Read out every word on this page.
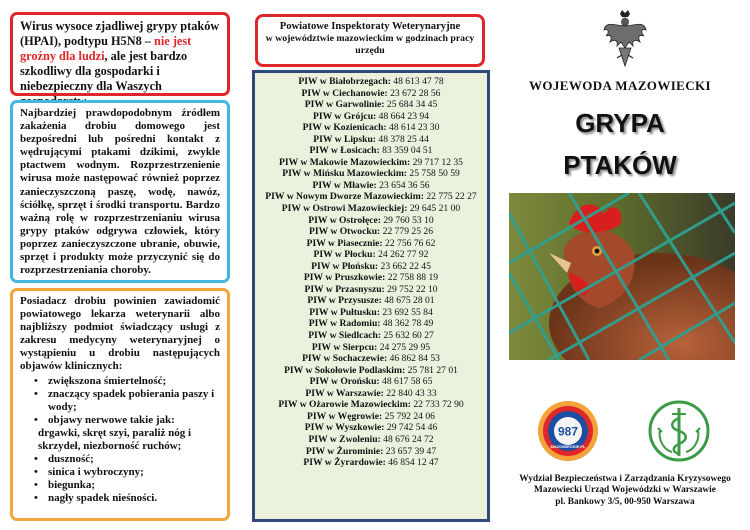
Wirus wysoce zjadliwej grypy ptaków (HPAI), podtypu H5N8 – nie jest groźny dla ludzi, ale jest bardzo szkodliwy dla gospodarki i niebezpieczny dla Waszych

Najbardziej prawdopodobnym źródłem zakażenia drobiu domowego jest bezpośredni lub pośredni kontakt z wędrującymi ptakami dzikimi, zwykle ptactwem wodnym. Rozprzestrzenienie wirusa może następować również poprzez zanieczyszczoną paszę, wodę, nawóz, ściółkę, sprzęt i środki transportu. Bardzo ważną rolę w rozprzestrzenianiu wirusa grypy ptaków odgrywa człowiek, który poprzez zanieczyszczone ubranie, obuwie, sprzęt i produkty może przyczynić się do rozprzestrzeniania choroby.

Posiadacz drobiu powinien zawiadomić powiatowego lekarza weterynarii albo najbliższy podmiot świadczący usługi z zakresu medycyny weterynaryjnej o wystąpieniu u drobiu następujących objawów klinicznych:

• zwiększona śmiertelność;
• znaczący spadek pobierania paszy i wody;
• objawy nerwowe takie jak:
drgawki, skręt szyi, paraliż nóg i skrzydeł, niezborność ruchów;
• duszność;
• sinica i wybroczyny;
• biegunka;
• nagły spadek nieśności.
Powiatowe Inspektoraty Weterynaryjne
w województwie mazowieckim w godzinach pracy urzędu
PIW w Białobrzegach: 48 613 47 78
PIW w Ciechanowie: 23 672 28 56
PIW w Garwolinie: 25 684 34 45
PIW w Grójcu: 48 664 23 94
PIW w Kozienicach: 48 614 23 30
PIW w Lipsku: 48 378 25 44
PIW w Łosicach: 83 359 04 51
PIW w Makowie Mazowieckim: 29 717 12 35
PIW w Mińsku Mazowieckim: 25 758 50 59
PIW w Mławie: 23 654 36 56
PIW w Nowym Dworze Mazowieckim: 22 775 22 27
PIW w Ostrowi Mazowieckiej: 29 645 21 00
PIW w Ostrołęce: 29 760 53 10
PIW w Otwocku: 22 779 25 26
PIW w Piasecznie: 22 756 76 62
PIW w Płocku: 24 262 77 92
PIW w Płońsku: 23 662 22 45
PIW w Pruszkowie: 22 758 88 19
PIW w Przasnyszu: 29 752 22 10
PIW w Przysusze: 48 675 28 01
PIW w Pułtusku: 23 692 55 84
PIW w Radomiu: 48 362 78 49
PIW w Siedlcach: 25 632 60 27
PIW w Sierpcu: 24 275 29 95
PIW w Sochaczewie: 46 862 84 53
PIW w Sokołowie Podlaskim: 25 781 27 01
PIW w Orońsku: 48 617 58 65
PIW w Warszawie: 22 840 43 33
PIW w Ożarowie Mazowieckim: 22 733 72 90
PIW w Węgrowie: 25 792 24 06
PIW w Wyszkowie: 29 742 54 46
PIW w Zwoleniu: 48 676 24 72
PIW w Żurominie: 23 657 39 47
PIW w Żyrardowie: 46 854 12 47
WOJEWODA MAZOWIECKI
GRYPA
PTAKÓW
987
MAZOWIECKIE.PL
Wydział Bezpieczeństwa i Zarządzania Kryzysowego
Mazowiecki Urząd Wojewódzki w Warszawie
pl. Bankowy 3/5, 00-950 Warszawa
